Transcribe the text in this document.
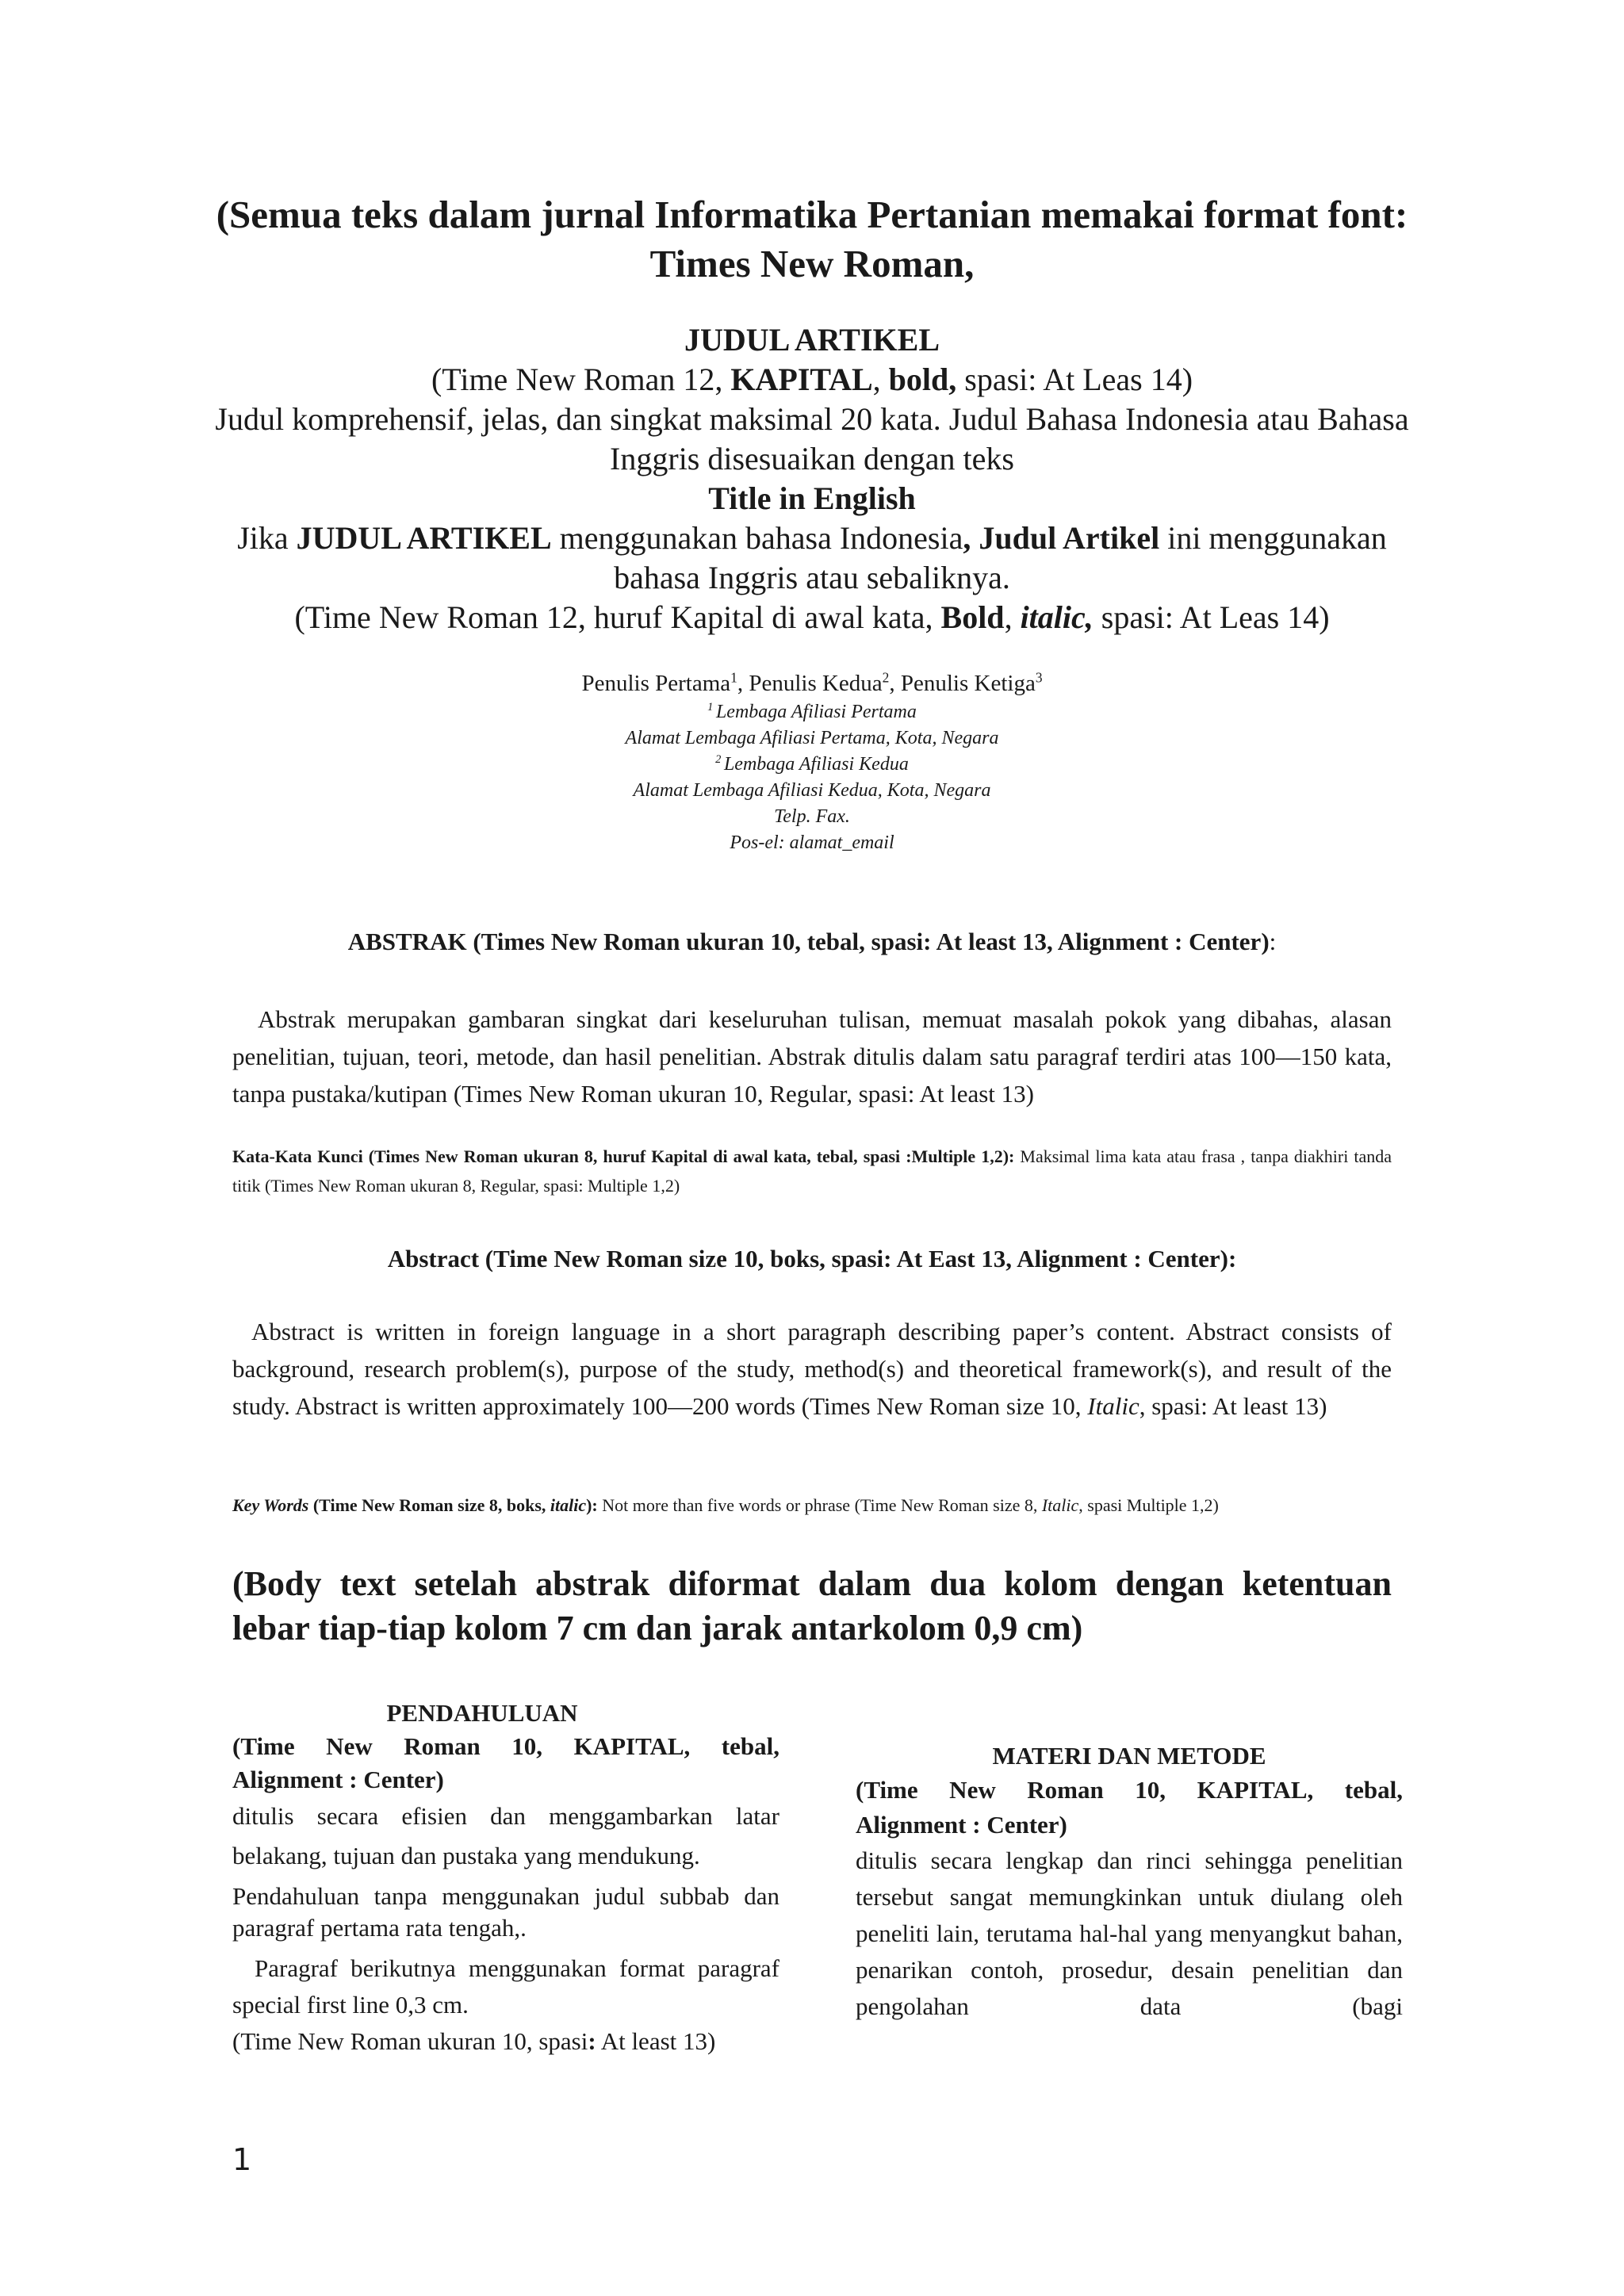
(Semua teks dalam jurnal Informatika Pertanian memakai format font:
Times New Roman,
JUDUL ARTIKEL
(Time New Roman 12, KAPITAL, bold, spasi: At Leas 14)
Judul komprehensif, jelas, dan singkat maksimal 20 kata. Judul Bahasa Indonesia atau Bahasa
Inggris disesuaikan dengan teks
Title in English
Jika JUDUL ARTIKEL menggunakan bahasa Indonesia, Judul Artikel ini menggunakan
bahasa Inggris atau sebaliknya.
(Time New Roman 12, huruf Kapital di awal kata, Bold, italic, spasi: At Leas 14)
Penulis Pertama$^1$, Penulis Kedua$^2$, Penulis Ketiga$^3$
$^1$ Lembaga Afiliasi Pertama
Alamat Lembaga Afiliasi Pertama, Kota, Negara
$^2$ Lembaga Afiliasi Kedua
Alamat Lembaga Afiliasi Kedua, Kota, Negara
Telp. Fax.
Pos-el: alamat_email
ABSTRAK (Times New Roman ukuran 10, tebal, spasi: At least 13, Alignment : Center):
Abstrak merupakan gambaran singkat dari keseluruhan tulisan, memuat masalah pokok yang dibahas, alasan penelitian, tujuan, teori, metode, dan hasil penelitian. Abstrak ditulis dalam satu paragraf terdiri atas 100—150 kata, tanpa pustaka/kutipan (Times New Roman ukuran 10, Regular, spasi: At least 13)
Kata-Kata Kunci (Times New Roman ukuran 8, huruf Kapital di awal kata, tebal, spasi :Multiple 1,2): Maksimal lima kata atau frasa , tanpa diakhiri tanda titik (Times New Roman ukuran 8, Regular, spasi: Multiple 1,2)
Abstract (Time New Roman size 10, boks, spasi: At East 13, Alignment : Center):
Abstract is written in foreign language in a short paragraph describing paper’s content. Abstract consists of background, research problem(s), purpose of the study, method(s) and theoretical framework(s), and result of the study. Abstract is written approximately 100—200 words (Times New Roman size 10, Italic, spasi: At least 13)
Key Words (Time New Roman size 8, boks, italic): Not more than five words or phrase (Time New Roman size 8, Italic, spasi Multiple 1,2)
(Body text setelah abstrak diformat dalam dua kolom dengan ketentuan
lebar tiap-tiap kolom 7 cm dan jarak antarkolom 0,9 cm)
PENDAHULUAN
(Time New Roman 10, KAPITAL, tebal,
Alignment : Center)

ditulis secara efisien dan menggambarkan latar belakang, tujuan dan pustaka yang mendukung.

Pendahuluan tanpa menggunakan judul subbab dan paragraf pertama rata tengah,.

Paragraf berikutnya menggunakan format paragraf special first line 0,3 cm.

(Time New Roman ukuran 10, spasi: At least 13)

MATERI DAN METODE
(Time New Roman 10, KAPITAL, tebal,
Alignment : Center)

ditulis secara lengkap dan rinci sehingga penelitian tersebut sangat memungkinkan untuk diulang oleh peneliti lain, terutama hal-hal yang menyangkut bahan, penarikan contoh, prosedur, desain penelitian dan pengolahan data (bagi

1
